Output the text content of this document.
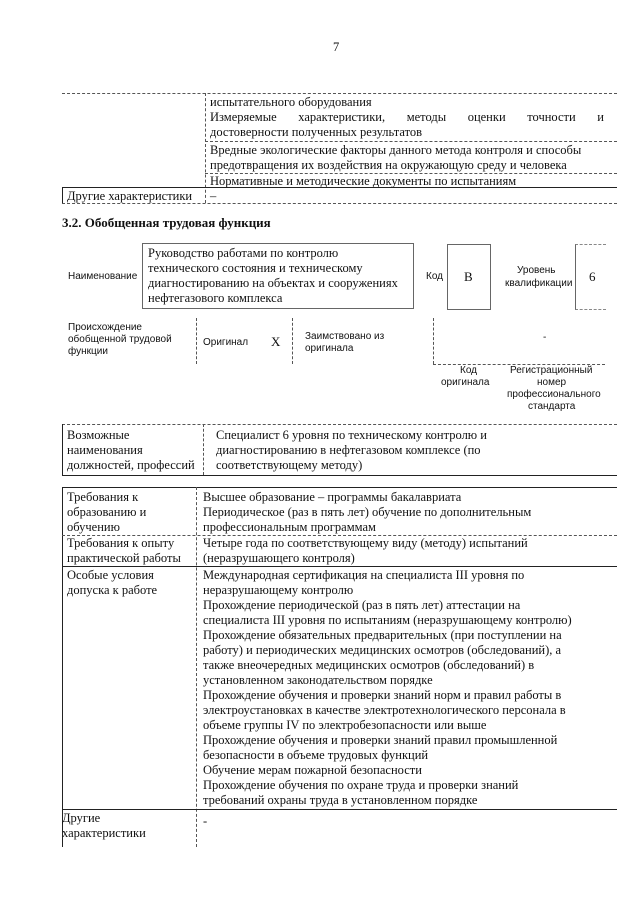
7
испытательного оборудования
Измеряемые характеристики, методы оценки точности и
достоверности полученных результатов
Вредные экологические факторы данного метода контроля и способы
предотвращения их воздействия на окружающую среду и человека
Нормативные и методические документы по испытаниям
Другие характеристики –
3.2. Обобщенная трудовая функция
Наименование
Руководство работами по контролю
технического состояния и техническому
диагностированию на объектах и сооружениях
нефтегазового комплекса
Код B	Уровень
квалификации 6
Происхождение
обобщенной трудовой
функции
Оригинал X Заимствовано из
оригинала
-
Код
оригинала
Регистрационный
номер
профессионального
стандарта
Возможные
наименования
должностей, профессий
Специалист 6 уровня по техническому контролю и
диагностированию в нефтегазовом комплексе (по
соответствующему методу)
Требования к
образованию и
обучению
Высшее образование – программы бакалавриата
Периодическое (раз в пять лет) обучение по дополнительным
профессиональным программам
Требования к опыту
практической работы
Четыре года по соответствующему виду (методу) испытаний
(неразрушающего контроля)
Особые условия
допуска к работе
Международная сертификация на специалиста III уровня по
неразрушающему контролю
Прохождение периодической (раз в пять лет) аттестации на
специалиста III уровня по испытаниям (неразрушающему контролю)
Прохождение обязательных предварительных (при поступлении на
работу) и периодических медицинских осмотров (обследований), а
также внеочередных медицинских осмотров (обследований) в
установленном законодательством порядке
Прохождение обучения и проверки знаний норм и правил работы в
электроустановках в качестве электротехнологического персонала в
объеме группы IV по электробезопасности или выше
Прохождение обучения и проверки знаний правил промышленной
безопасности в объеме трудовых функций
Обучение мерам пожарной безопасности
Прохождение обучения по охране труда и проверки знаний
требований охраны труда в установленном порядке
Другие
характеристики
-
